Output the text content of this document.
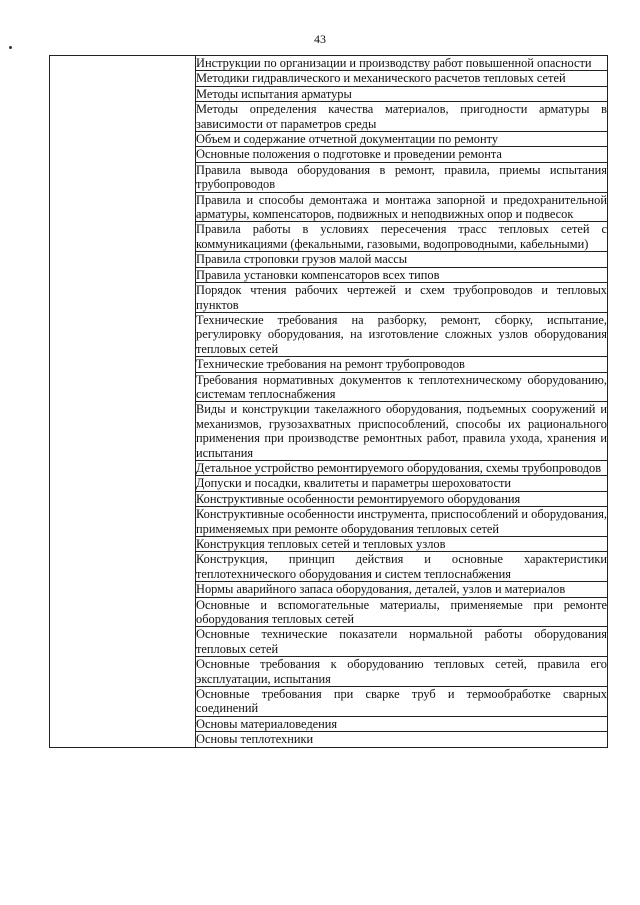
43
	Инструкции по организации и производству работ повышенной опасности
Методики гидравлического и механического расчетов тепловых сетей
Методы испытания арматуры
Методы определения качества материалов, пригодности арматуры в зависимости от параметров среды
Объем и содержание отчетной документации по ремонту
Основные положения о подготовке и проведении ремонта
Правила вывода оборудования в ремонт, правила, приемы испытания трубопроводов
Правила и способы демонтажа и монтажа запорной и предохранительной арматуры, компенсаторов, подвижных и неподвижных опор и подвесок
Правила работы в условиях пересечения трасс тепловых сетей с коммуникациями (фекальными, газовыми, водопроводными, кабельными)
Правила строповки грузов малой массы
Правила установки компенсаторов всех типов
Порядок чтения рабочих чертежей и схем трубопроводов и тепловых пунктов
Технические требования на разборку, ремонт, сборку, испытание, регулировку оборудования, на изготовление сложных узлов оборудования тепловых сетей
Технические требования на ремонт трубопроводов
Требования нормативных документов к теплотехническому оборудованию, системам теплоснабжения
Виды и конструкции такелажного оборудования, подъемных сооружений и механизмов, грузозахватных приспособлений, способы их рационального применения при производстве ремонтных работ, правила ухода, хранения и испытания
Детальное устройство ремонтируемого оборудования, схемы трубопроводов
Допуски и посадки, квалитеты и параметры шероховатости
Конструктивные особенности ремонтируемого оборудования
Конструктивные особенности инструмента, приспособлений и оборудования, применяемых при ремонте оборудования тепловых сетей
Конструкция тепловых сетей и тепловых узлов
Конструкция, принцип действия и основные характеристики теплотехнического оборудования и систем теплоснабжения
Нормы аварийного запаса оборудования, деталей, узлов и материалов
Основные и вспомогательные материалы, применяемые при ремонте оборудования тепловых сетей
Основные технические показатели нормальной работы оборудования тепловых сетей
Основные требования к оборудованию тепловых сетей, правила его эксплуатации, испытания
Основные требования при сварке труб и термообработке сварных соединений
Основы материаловедения
Основы теплотехники
